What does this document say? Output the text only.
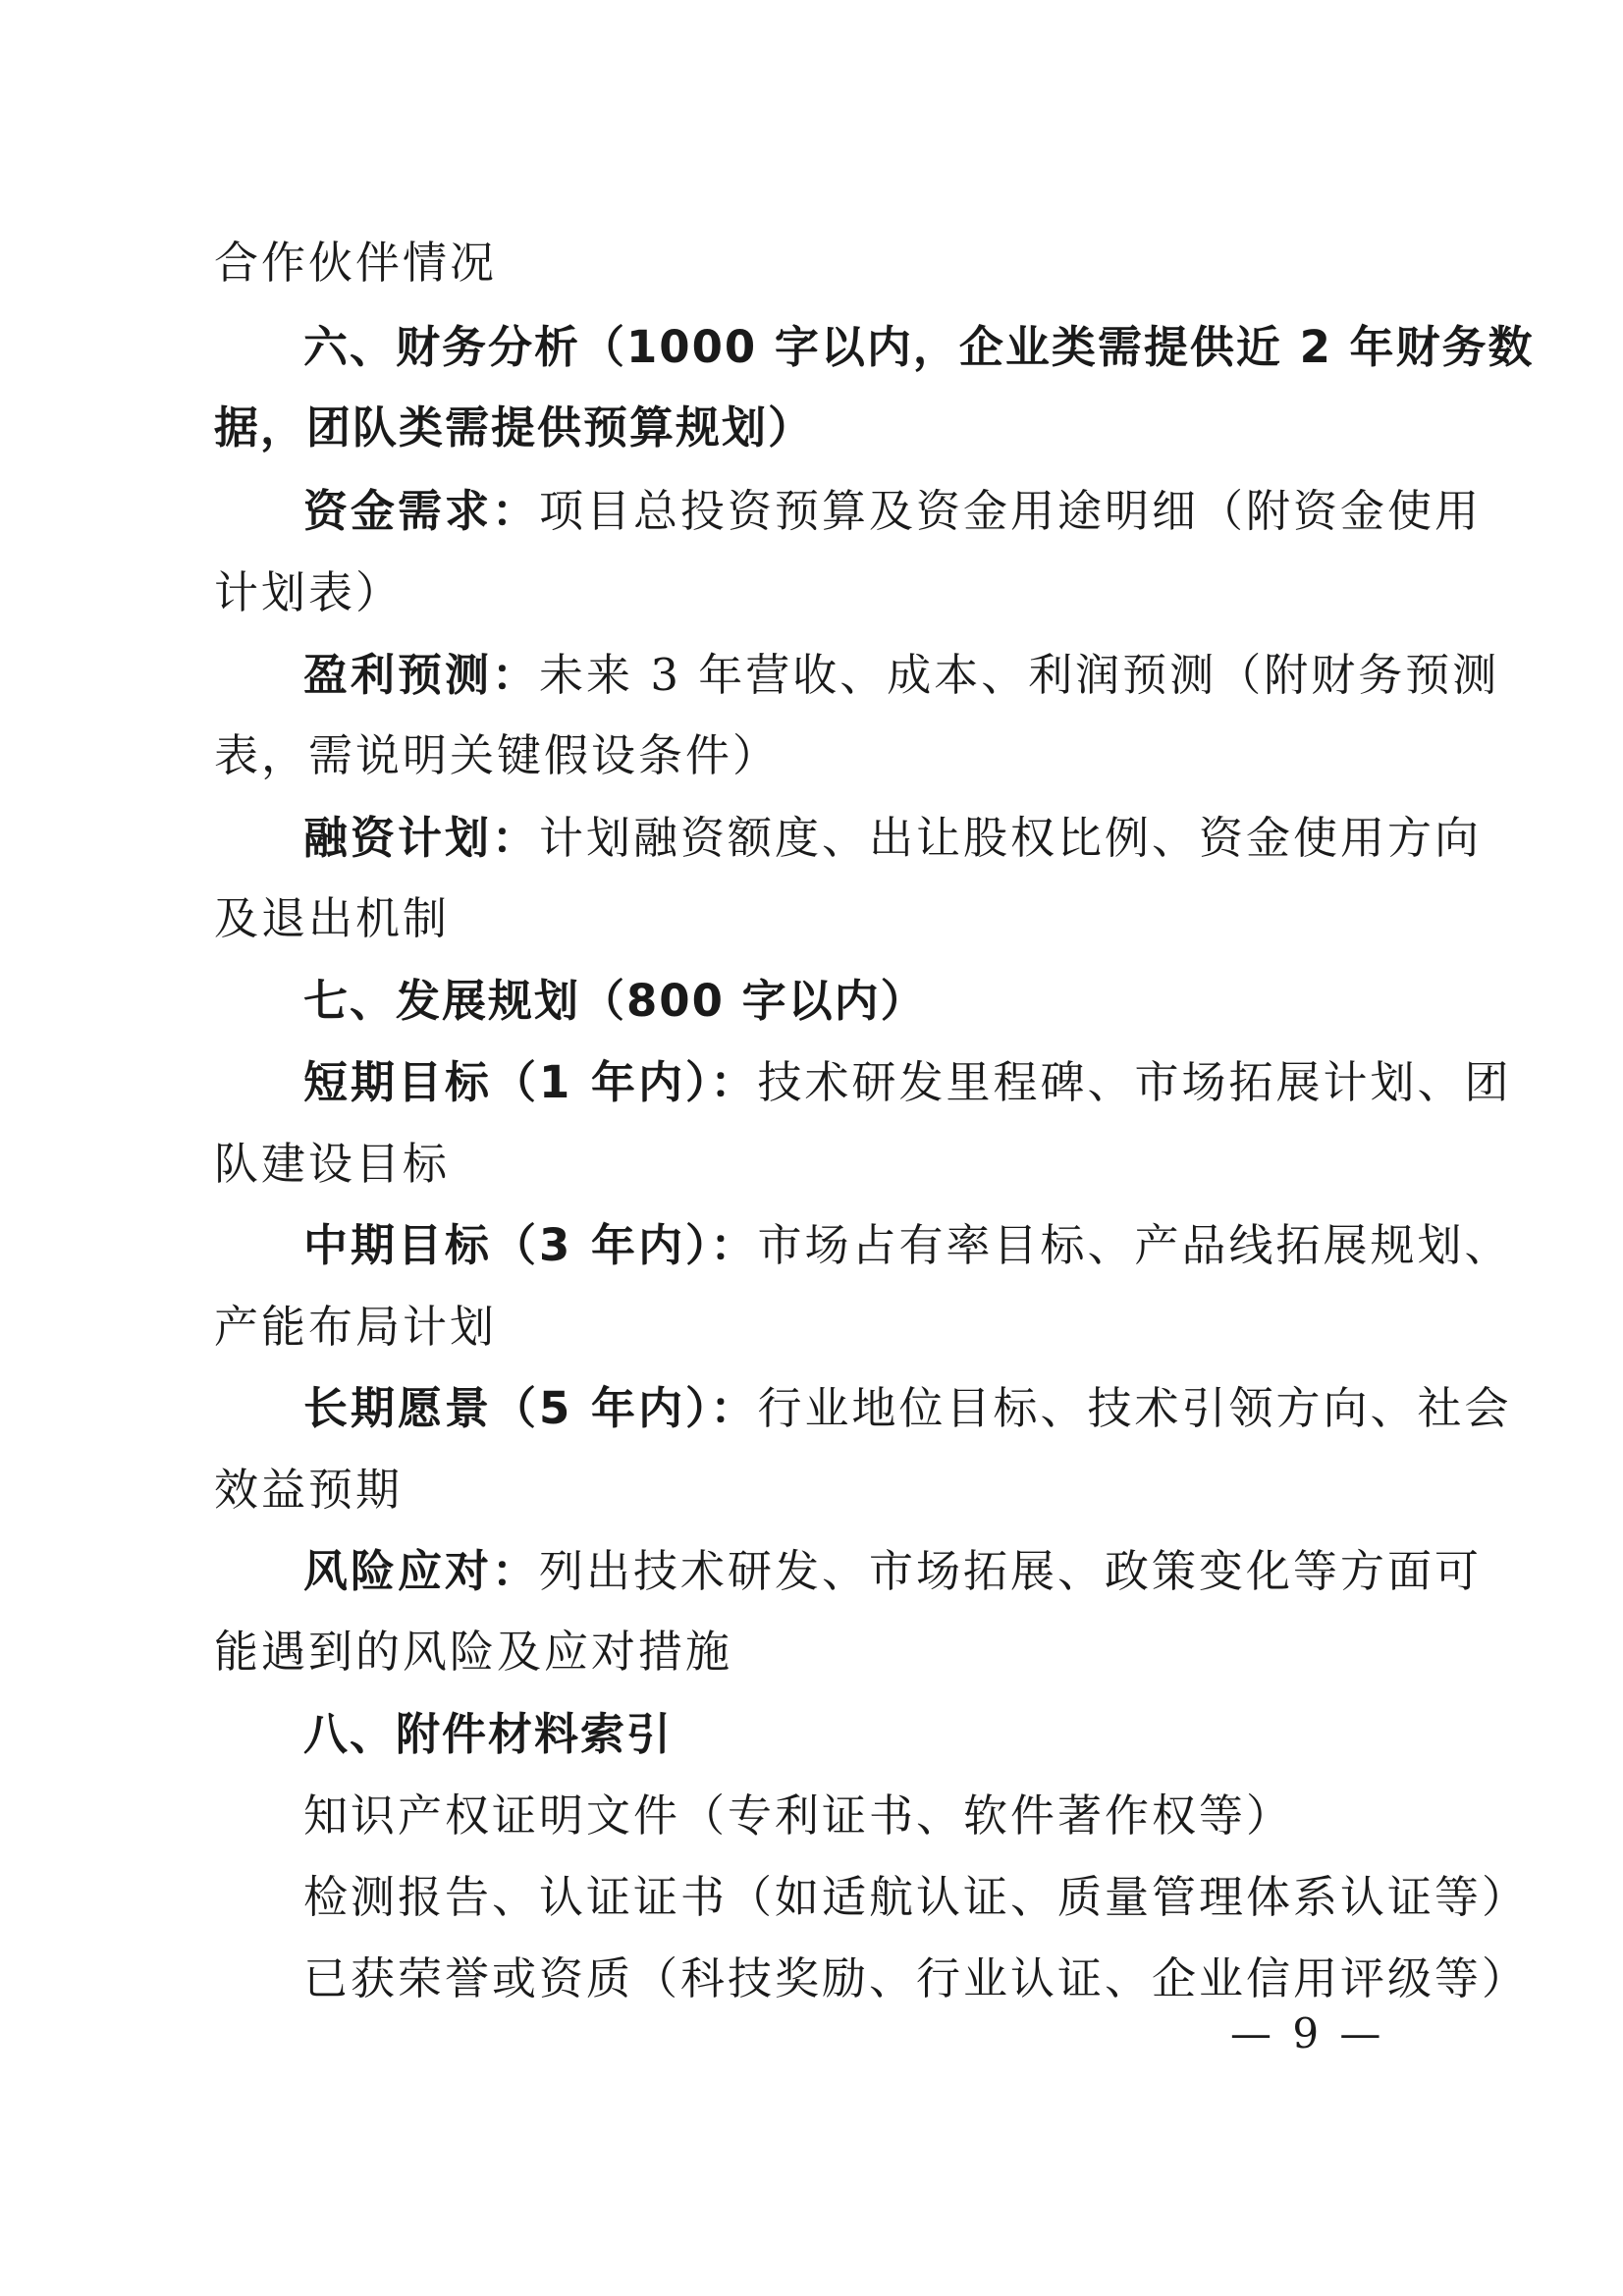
合作伙伴情况
六、财务分析（1000 字以内，企业类需提供近 2 年财务数
据，团队类需提供预算规划）
资金需求：项目总投资预算及资金用途明细（附资金使用
计划表）
盈利预测：未来 3 年营收、成本、利润预测（附财务预测
表，需说明关键假设条件）
融资计划：计划融资额度、出让股权比例、资金使用方向
及退出机制
七、发展规划（800 字以内）
短期目标（1 年内）：技术研发里程碑、市场拓展计划、团
队建设目标
中期目标（3 年内）：市场占有率目标、产品线拓展规划、
产能布局计划
长期愿景（5 年内）：行业地位目标、技术引领方向、社会
效益预期
风险应对：列出技术研发、市场拓展、政策变化等方面可
能遇到的风险及应对措施
八、附件材料索引
知识产权证明文件（专利证书、软件著作权等）
检测报告、认证证书（如适航认证、质量管理体系认证等）
已获荣誉或资质（科技奖励、行业认证、企业信用评级等）
— 9 —
